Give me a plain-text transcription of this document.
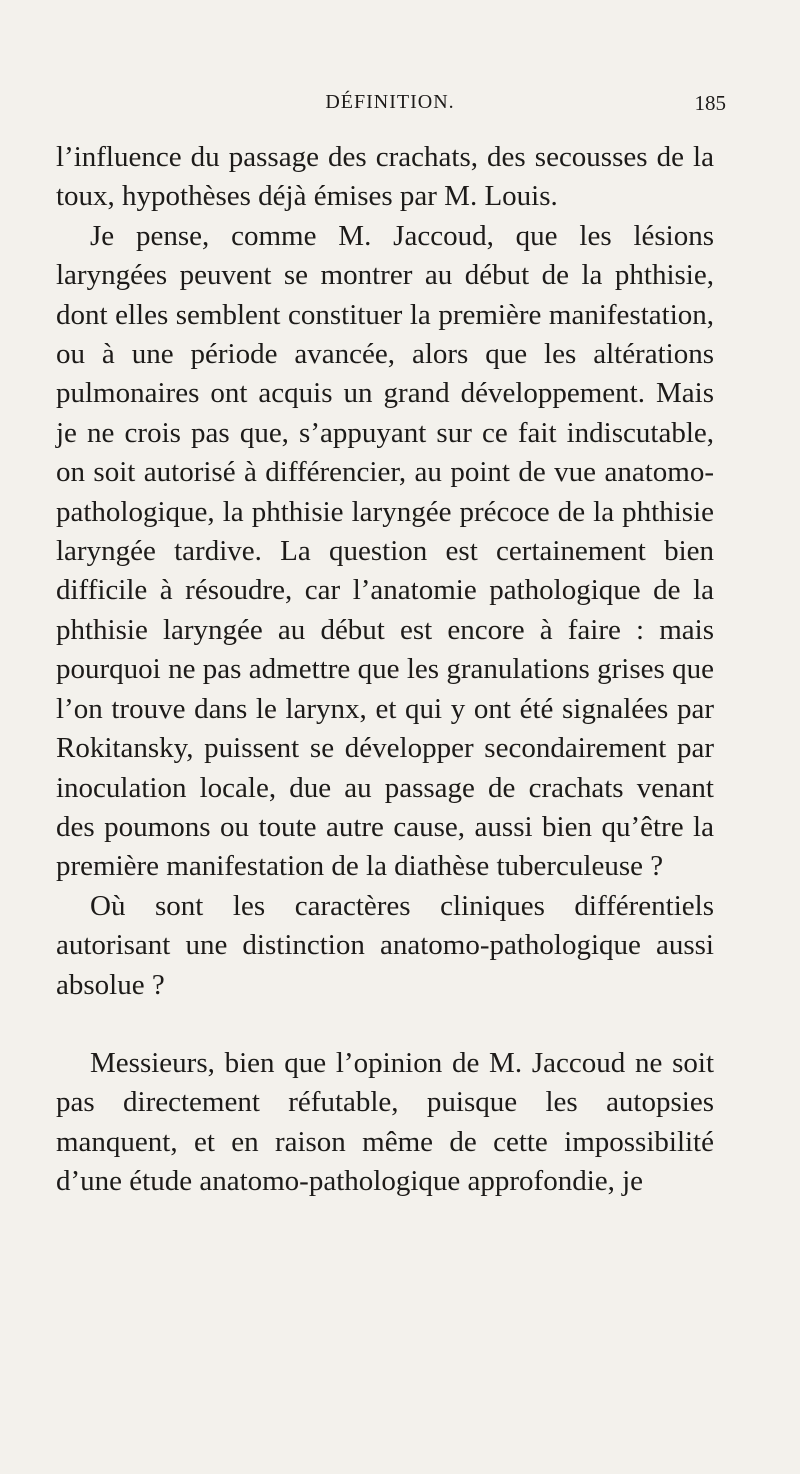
DÉFINITION.	185

l’influence du passage des crachats, des secousses de la toux, hypothèses déjà émises par M. Louis.

Je pense, comme M. Jaccoud, que les lésions laryngées peuvent se montrer au début de la phthisie, dont elles semblent constituer la première manifestation, ou à une période avancée, alors que les altérations pulmonaires ont acquis un grand développement. Mais je ne crois pas que, s’appuyant sur ce fait indiscutable, on soit autorisé à différencier, au point de vue anatomo-pathologique, la phthisie laryngée précoce de la phthisie laryngée tardive. La question est certainement bien difficile à résoudre, car l’anatomie pathologique de la phthisie laryngée au début est encore à faire : mais pourquoi ne pas admettre que les granulations grises que l’on trouve dans le larynx, et qui y ont été signalées par Rokitansky, puissent se développer secondairement par inoculation locale, due au passage de crachats venant des poumons ou toute autre cause, aussi bien qu’être la première manifestation de la diathèse tuberculeuse ?

Où sont les caractères cliniques différentiels autorisant une distinction anatomo-pathologique aussi absolue ?

Messieurs, bien que l’opinion de M. Jaccoud ne soit pas directement réfutable, puisque les autopsies manquent, et en raison même de cette impossibilité d’une étude anatomo-pathologique approfondie, je
